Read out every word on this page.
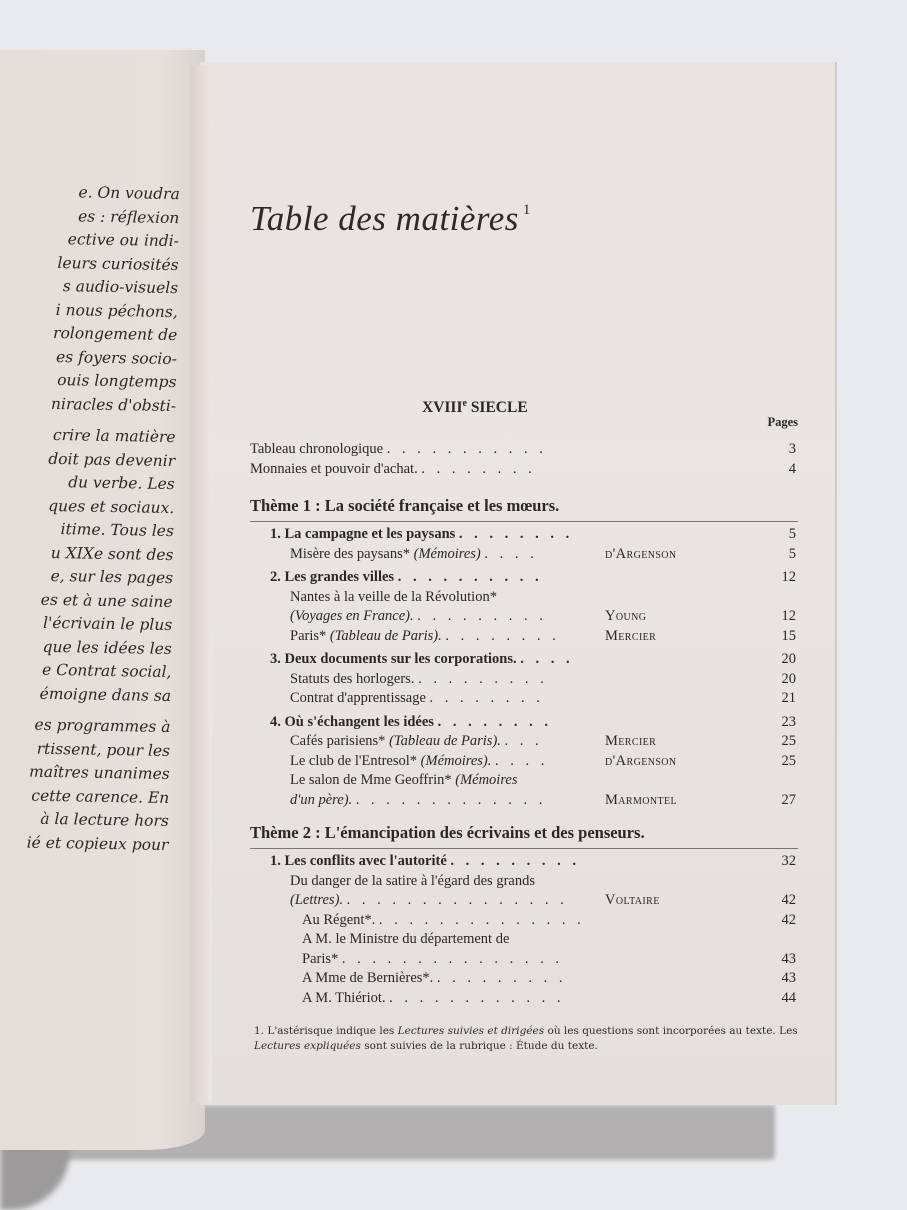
e. On voudra
es : réflexion
ective ou indi-
leurs curiosités
s audio-visuels
i nous péchons,
rolongement de
es foyers socio-
ouis longtemps
niracles d'obsti-
crire la matière
doit pas devenir
du verbe. Les
ques et sociaux.
itime. Tous les
u XIXe sont des
e, sur les pages
es et à une saine
l'écrivain le plus
que les idées les
e Contrat social,
émoigne dans sa
es programmes à
rtissent, pour les
maîtres unanimes
cette carence. En
à la lecture hors
ié et copieux pour
Table des matières $^1$
XVIIIe SIECLE
Pages
Tableau chronologique . . . . . . . . . . .	3
Monnaies et pouvoir d'achat. . . . . . . . .	4
Thème 1 : La société française et les mœurs.
1. La campagne et les paysans . . . . . . . .	5
Misère des paysans* (Mémoires) . . . .	d'Argenson	5
2. Les grandes villes . . . . . . . . . .	12
Nantes à la veille de la Révolution*
(Voyages en France). . . . . . . . . .	Young	12
Paris* (Tableau de Paris). . . . . . . . .	Mercier	15
3. Deux documents sur les corporations. . . . .	20
Statuts des horlogers. . . . . . . . . .	20
Contrat d'apprentissage . . . . . . . .	21
4. Où s'échangent les idées . . . . . . . .	23
Cafés parisiens* (Tableau de Paris). . . .	Mercier	25
Le club de l'Entresol* (Mémoires). . . . .	d'Argenson	25
Le salon de Mme Geoffrin* (Mémoires
d'un père). . . . . . . . . . . . . .	Marmontel	27
Thème 2 : L'émancipation des écrivains et des penseurs.
1. Les conflits avec l'autorité . . . . . . . . .	32
Du danger de la satire à l'égard des grands
(Lettres). . . . . . . . . . . . . . . .	Voltaire	42
Au Régent*. . . . . . . . . . . . . . .	42
A M. le Ministre du département de
Paris* . . . . . . . . . . . . . . .	43
A Mme de Bernières*. . . . . . . . . .	43
A M. Thiériot. . . . . . . . . . . . .	44
1. L'astérisque indique les Lectures suivies et dirigées où les questions sont incorporées au texte. Les Lectures expliquées sont suivies de la rubrique : Étude du texte.
